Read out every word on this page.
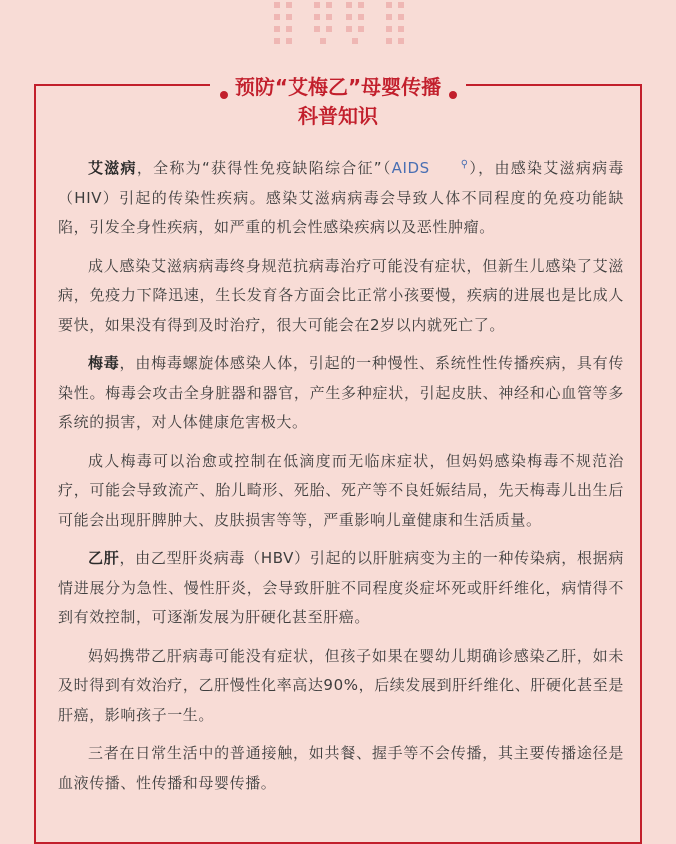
预防“艾梅乙”母婴传播
科普知识

艾滋病，全称为“获得性免疫缺陷综合征”（AIDS	⚲），由感染艾滋病病毒（HIV）引起的传染性疾病。感染艾滋病病毒会导致人体不同程度的免疫功能缺陷，引发全身性疾病，如严重的机会性感染疾病以及恶性肿瘤。

成人感染艾滋病病毒终身规范抗病毒治疗可能没有症状，但新生儿感染了艾滋病，免疫力下降迅速，生长发育各方面会比正常小孩要慢，疾病的进展也是比成人要快，如果没有得到及时治疗，很大可能会在2岁以内就死亡了。

梅毒，由梅毒螺旋体感染人体，引起的一种慢性、系统性性传播疾病，具有传染性。梅毒会攻击全身脏器和器官，产生多种症状，引起皮肤、神经和心血管等多系统的损害，对人体健康危害极大。

成人梅毒可以治愈或控制在低滴度而无临床症状，但妈妈感染梅毒不规范治疗，可能会导致流产、胎儿畸形、死胎、死产等不良妊娠结局，先天梅毒儿出生后可能会出现肝脾肿大、皮肤损害等等，严重影响儿童健康和生活质量。

乙肝，由乙型肝炎病毒（HBV）引起的以肝脏病变为主的一种传染病，根据病情进展分为急性、慢性肝炎，会导致肝脏不同程度炎症坏死或肝纤维化，病情得不到有效控制，可逐渐发展为肝硬化甚至肝癌。

妈妈携带乙肝病毒可能没有症状，但孩子如果在婴幼儿期确诊感染乙肝，如未及时得到有效治疗，乙肝慢性化率高达90%，后续发展到肝纤维化、肝硬化甚至是肝癌，影响孩子一生。

三者在日常生活中的普通接触，如共餐、握手等不会传播，其主要传播途径是血液传播、性传播和母婴传播。
